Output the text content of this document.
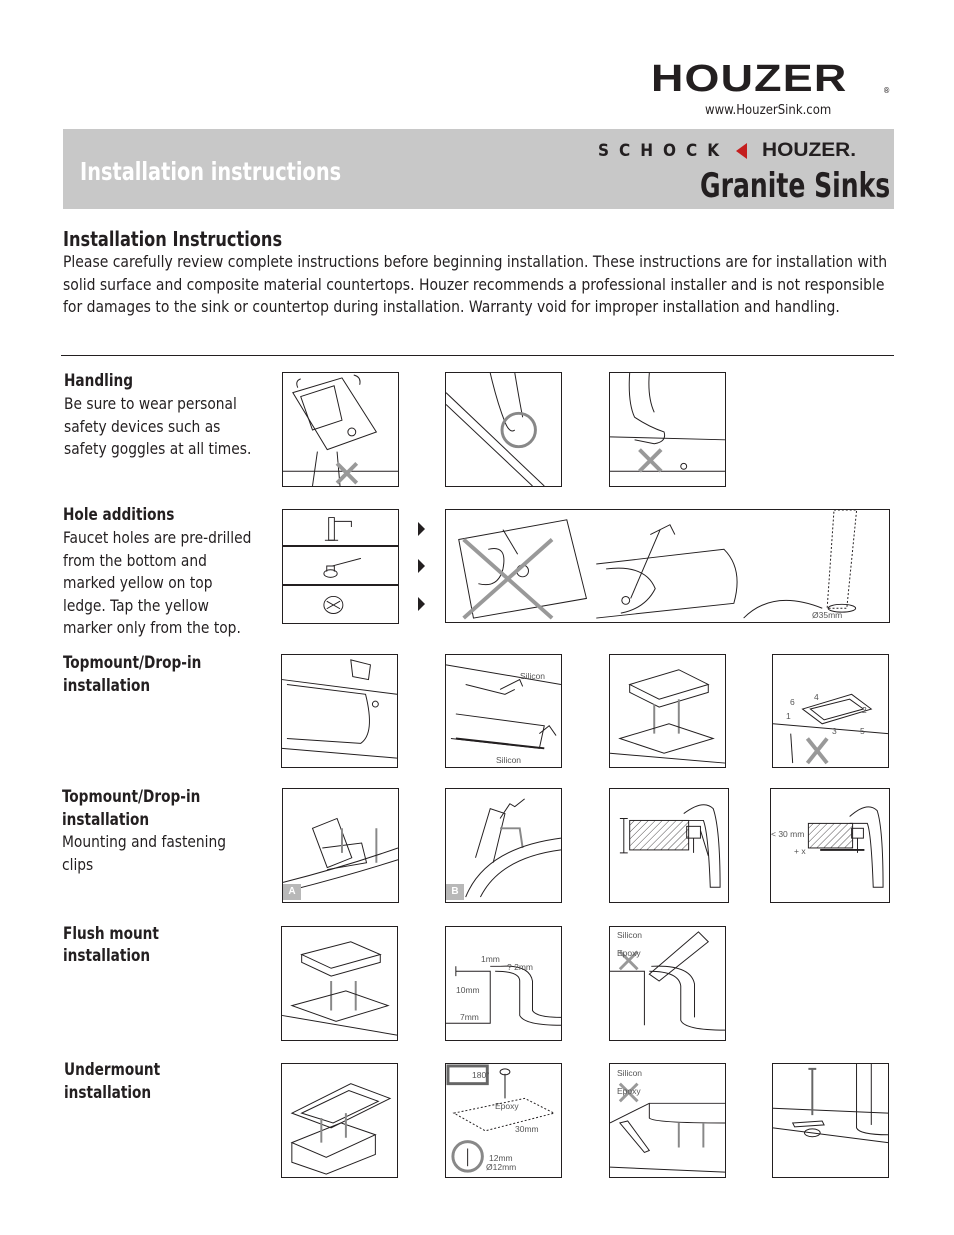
HOUZER	®
www.HouzerSink.com
Installation instructions
SCHOCK HOUZER.
Granite Sinks
Installation Instructions
Please carefully review complete instructions before beginning installation. These instructions are for installation with solid surface and composite material countertops. Houzer recommends a professional installer and is not responsible for damages to the sink or countertop during installation. Warranty void for improper installation and handling.
Handling
Be sure to wear personal safety devices such as safety goggles at all times.
Hole additions
Faucet holes are pre-drilled from the bottom and marked yellow on top ledge. Tap the yellow marker only from the top.
Ø35mm
Topmount/Drop-in
installation	Silicon
Silicon
6 4
2
1
3	5
Topmount/Drop-in
installation
Mounting and fastening clips
A	B
< 30 mm
+ x
Flush mount
installation	1mm
? 2mm
10mm
7mm
Silicon
Epoxy
Undermount
installation
180°
Epoxy
30mm
12mm
Ø12mm
Silicon
Epoxy
